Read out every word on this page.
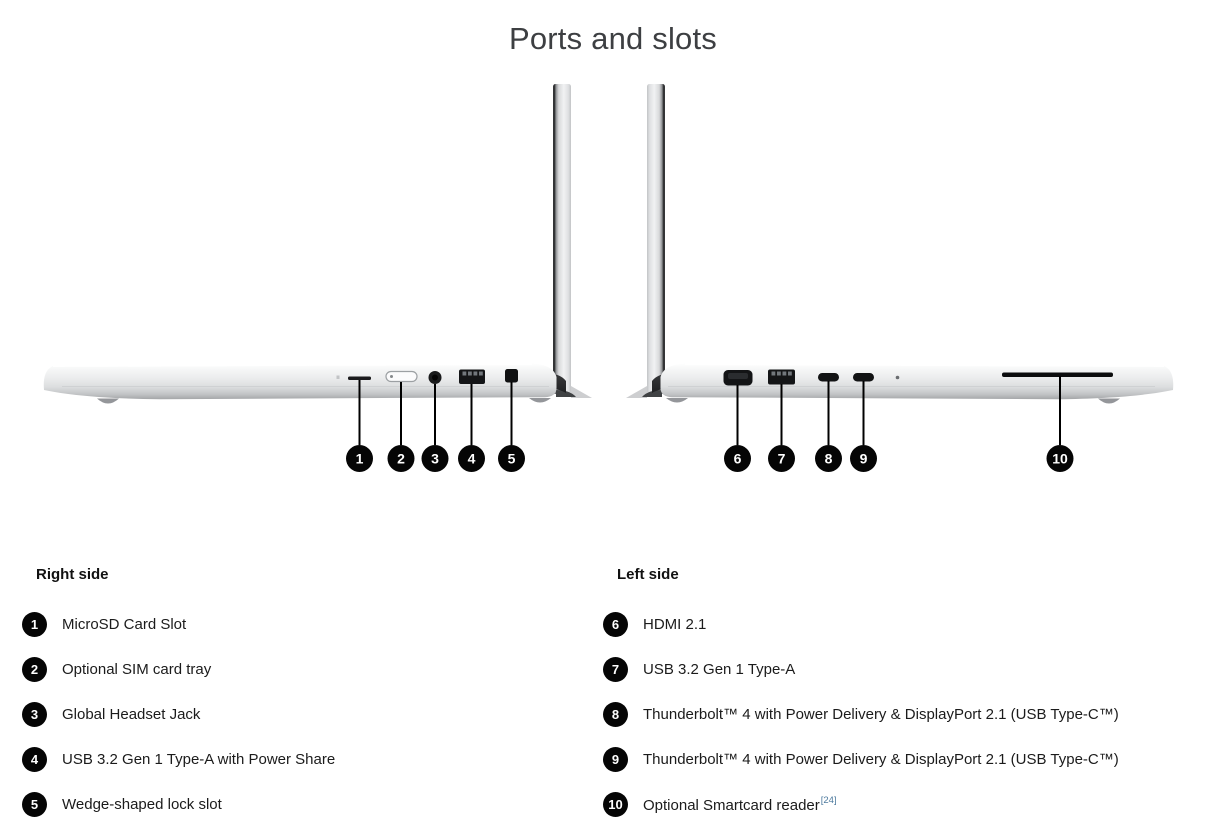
Ports and slots
1 2 3 4 5	6	7	8 9	10
Right side
1	MicroSD Card Slot
2	Optional SIM card tray
3	Global Headset Jack
4	USB 3.2 Gen 1 Type-A with Power Share
5	Wedge-shaped lock slot
Left side
6	HDMI 2.1
7	USB 3.2 Gen 1 Type-A
8	Thunderbolt™ 4 with Power Delivery & DisplayPort 2.1 (USB Type-C™)
9	Thunderbolt™ 4 with Power Delivery & DisplayPort 2.1 (USB Type-C™)
10	Optional Smartcard reader[24]
